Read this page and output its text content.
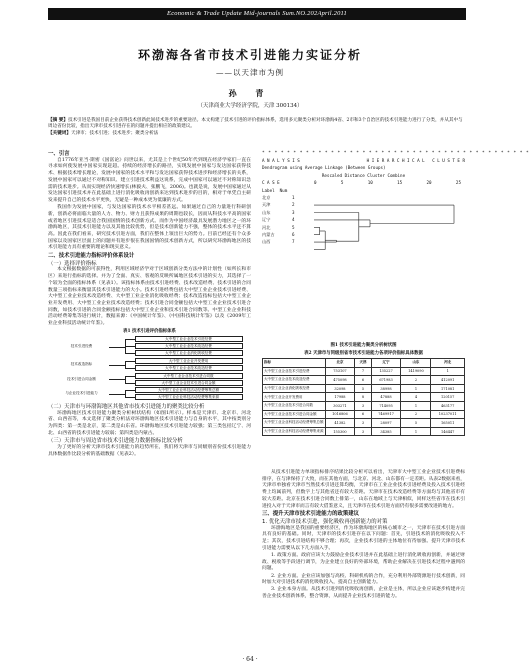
Economic & Trade Update Mid-journals Sum.NO.202April.2011
环渤海各省市技术引进能力实证分析
——以天津市为例
孙 青
（天津商业大学经济学院，天津 300134）
【摘 要】技术引进是我国目前企业获得技术创新此间技术进步的重要途径。本文构建了技术引进的评价指标体系，选用多元聚类分析对环渤海4省、2市和3个自治区的技术引进能力进行了分类，并从其中与周边省份比较，指出天津市技术引进存在的问题并提出相应的政策建议。
【关键词】天津市；技术引进；技术进步；聚类分析法
一、引言
自1776年亚当·斯密《国富论》问世以来，尤其是上个世纪50年代到现在经济学家们一直在寻求如何使发展中国家实现赶超。持续的经济增长的路径，实现发展中国家与发达国家获得技术、根据技术增长理论，发展中国家的技术水平和与发达国家获得技术进步和经济增长的关系，发展中国家可以通过不对称知识、建立引进技术利益这说系，完成中国家可以通过不对称知识急需的技术进步。从而实现经济快速增长(林毅夫、张鹏飞，2006)。也就是说，发展中国家通过从发达国家引进技术并在此基础上进行消化吸收再创新来达到技术进步的目的，相对于单凭自主研发来提升自己的技术水平更快，无疑是一种成本更为低廉的方式。
我国作为发展中国家，与发达国家的技术水平相差甚远。如果通过自己的力量进行科研创新，创新必将面临大量的人力、物力、财力且获得成果的周期也较长，因而从科技水平高的国家或者地区引进技术是适合我国国情的技术创新方式。而作为中国经济最具发展潜力地区之一的环渤海地区，其技术引进能力以及其他比较优势，但是技术创新能力不强，整体的技术水平还不算高。因此在我们看来，研究技术引进方面，我们在整体上领出巨大的势力。目前已经还有个众多国家以及国家区层面上的问题并有进步很在我国国情的技术创新方式，所以研究环渤海地区的技术引进能力具有重要的理论和现实意义。
二、技术引进能力指标评价体系设计
（一）选择评价指标
本文根据数据的可获得性，利用区域经济学对于区域创新分类方法中的计划性（如所长和市区）来进行指标的选择。并为了全面、真实、客观的反映所属地区技术引进的实力，其选择了一个较为全面的指标体系（见表1）。该指标体系由技术引进经费、技术改造经费、技术引进的合同数量三项指标来衡量其技术引进能力的大小。技术引进经费包括大中型工业企业技术引进经费、大中型工业企业技术改造经费、大中型工业企业消化吸收经费；技术改造指标包括大中型工业企业开发费用、大中型工业企业技术改造经费；技术引进合同金额包括大中型工业企业技术引进合同数，如技术引进的合同金额指标包括大中型工业企业和技术引进合同数等。中型工业企业科技活动经费筹集等进行统计，数据来源：《中国统计年鉴》、《中国科技统计年鉴》以及《2009年工业企业科技活动统计年鉴》。
表1 技术引进评价指标体系
大中型工业企业技术引进经费
大中型工业企业技术改造经费
大中型工业企业消化吸收经费
技术引进经费
大中型工业企业开发费用
大中型工业企业技术改造经费
技术改造指标
大中型工业企业技术引进合同数
大中型工业企业技术引进合同金额
技术引进合同金额
大中型工业企业科技活动经费筹集总额
大中型工业企业科技活动经费筹集来源
与企业技术引进能力
（二）天津市与环渤海地区其他省市技术引进能力的聚类比较分析
环渤海地区技术引进能力聚类分析树状结构（如图1所示）。样本是天津市、北京市、河北省、山西省等，本文选择了聚类分析法对环渤海地区技术引进能力与自身的水平，其中按类别分为四类：第一类是北京，第二类是山东省。环渤海地区技术引进能力较强；第三类包括辽宁、河北、山西省的技术引进能力较弱；第四类是内蒙古。
（三）天津市与周边省市技术引进能力数据指标比较分析
为了更好的分析天津市技术引进能力的趋势所在，我们将天津市与同级别省份技术引进能力具体数据作比较分析的基础数据（见表2）。
* * * * * * * * * * * * * * * * * * * * * * * * * * * * * * * * * * * * * * * * * * *
A N A L Y S I S	H I E R A R C H I C A L   C L U S T E R
Dendrogram using Average Linkage (Between Groups)
Rescaled Distance Cluster Combine
C A S E	0	5	10	15	20	25
Label  Num
北京	1
天津	2
山东	3
辽宁	4
河北	5
内蒙古	6
山西	7
图1 技术引进能力聚类分析树状图
表2 天津市与同级别省市技术引进能力各项评价指标具体数据
指标	北京	天津	辽宁	山东	河北
大中型工业企业技术引进经费	753107	7	135227	1419090	1
大中型工业企业技术改造经费	475098	6	671983	2	412091
大中型工业企业消化吸收经费	32098	5	38998	1	171081
大中型工业企业开发费用	17988	8	47888	4	120157
大中型工业企业技术引进合同数	303271	3	714095	1	463177
大中型工业企业技术引进合同金额	1016806	6	7469917	2	10237011
大中型工业企业科技活动经费筹集总额	41382	3	28097	5	165011
大中型工业企业科技活动经费筹集来源	155300	3	34385	1	146447
从技术引进能力单项指标排序结果比较分析可以看出，天津市大中型工业企业技术引进费标排序，在与津保持了大致，而在其他方面，与北京、河北、山东都有一定差距。从表2数据来看，天津市单独看天津市当然技术引进还算均衡，天津市在工业企业技术引进经费及投入技术引进经费上均属前列，但数字上与其他省还有较大差距。天津市在技术改造经费等方面均与其他省市有较大差距。北京在技术引进合同数上排第一，山东在地域上与天津相似，同样这些省市在技术引进投入对于天津市而言有较大借鉴意义，且天津市在技术引进方面仍有很多需要改进的地方。
三、提升天津市技术引进能力的政策建议
1. 优化天津市技术引进，强化吸收再创新能力的对策
环渤海地区是我国的重要经济区，作为环渤海地区的核心城市之一，天津市在技术引进方面具有良好的基础。同时，天津市的技术引进存在以下问题：首先，引进技术的消化吸收投入不足；其次，技术引进结构不够合理；再次，企业技术引进的主体地位有待加强。提升天津市技术引进能力需要从以下几方面入手。
1. 政策方面。政府应该大力鼓励企业技术引进并在此基础上进行消化吸收再创新，并通过财政、税收等手段进行调节，为企业建立良好的外部环境，帮助企业解决在引进技术过程中遇到的问题。
2. 企业方面。企业应该加强与高校、科研机构的合作，充分利用外部资源进行技术创新，同时加大对引进技术的消化吸收投入，提高自主创新能力。
3. 企业本身方面。从技术引进到消化吸收再创新，企业是主体，所以企业应该逐步构建并完善企业技术创新体系，整合资源，从而提升企业技术引进的能力。
· 64 ·
